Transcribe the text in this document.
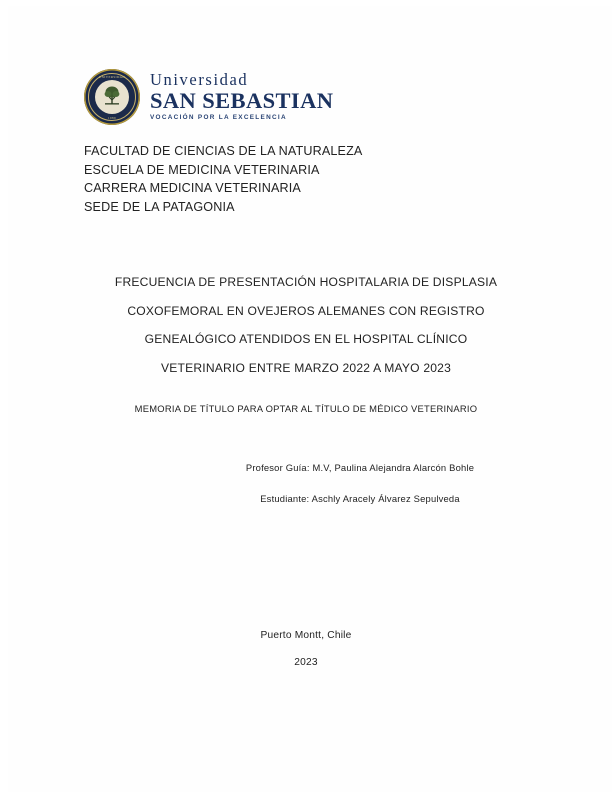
UNIVERSIDAD
1989
Universidad
SAN SEBASTIAN
VOCACIÓN POR LA EXCELENCIA
FACULTAD DE CIENCIAS DE LA NATURALEZA
ESCUELA DE MEDICINA VETERINARIA
CARRERA MEDICINA VETERINARIA
SEDE DE LA PATAGONIA
FRECUENCIA DE PRESENTACIÓN HOSPITALARIA DE DISPLASIA
COXOFEMORAL EN OVEJEROS ALEMANES CON REGISTRO
GENEALÓGICO ATENDIDOS EN EL HOSPITAL CLÍNICO
VETERINARIO ENTRE MARZO 2022 A MAYO 2023
MEMORIA DE TÍTULO PARA OPTAR AL TÍTULO DE MÉDICO VETERINARIO
Profesor Guía: M.V, Paulina Alejandra Alarcón Bohle
Estudiante: Aschly Aracely Álvarez Sepulveda
Puerto Montt, Chile
2023
